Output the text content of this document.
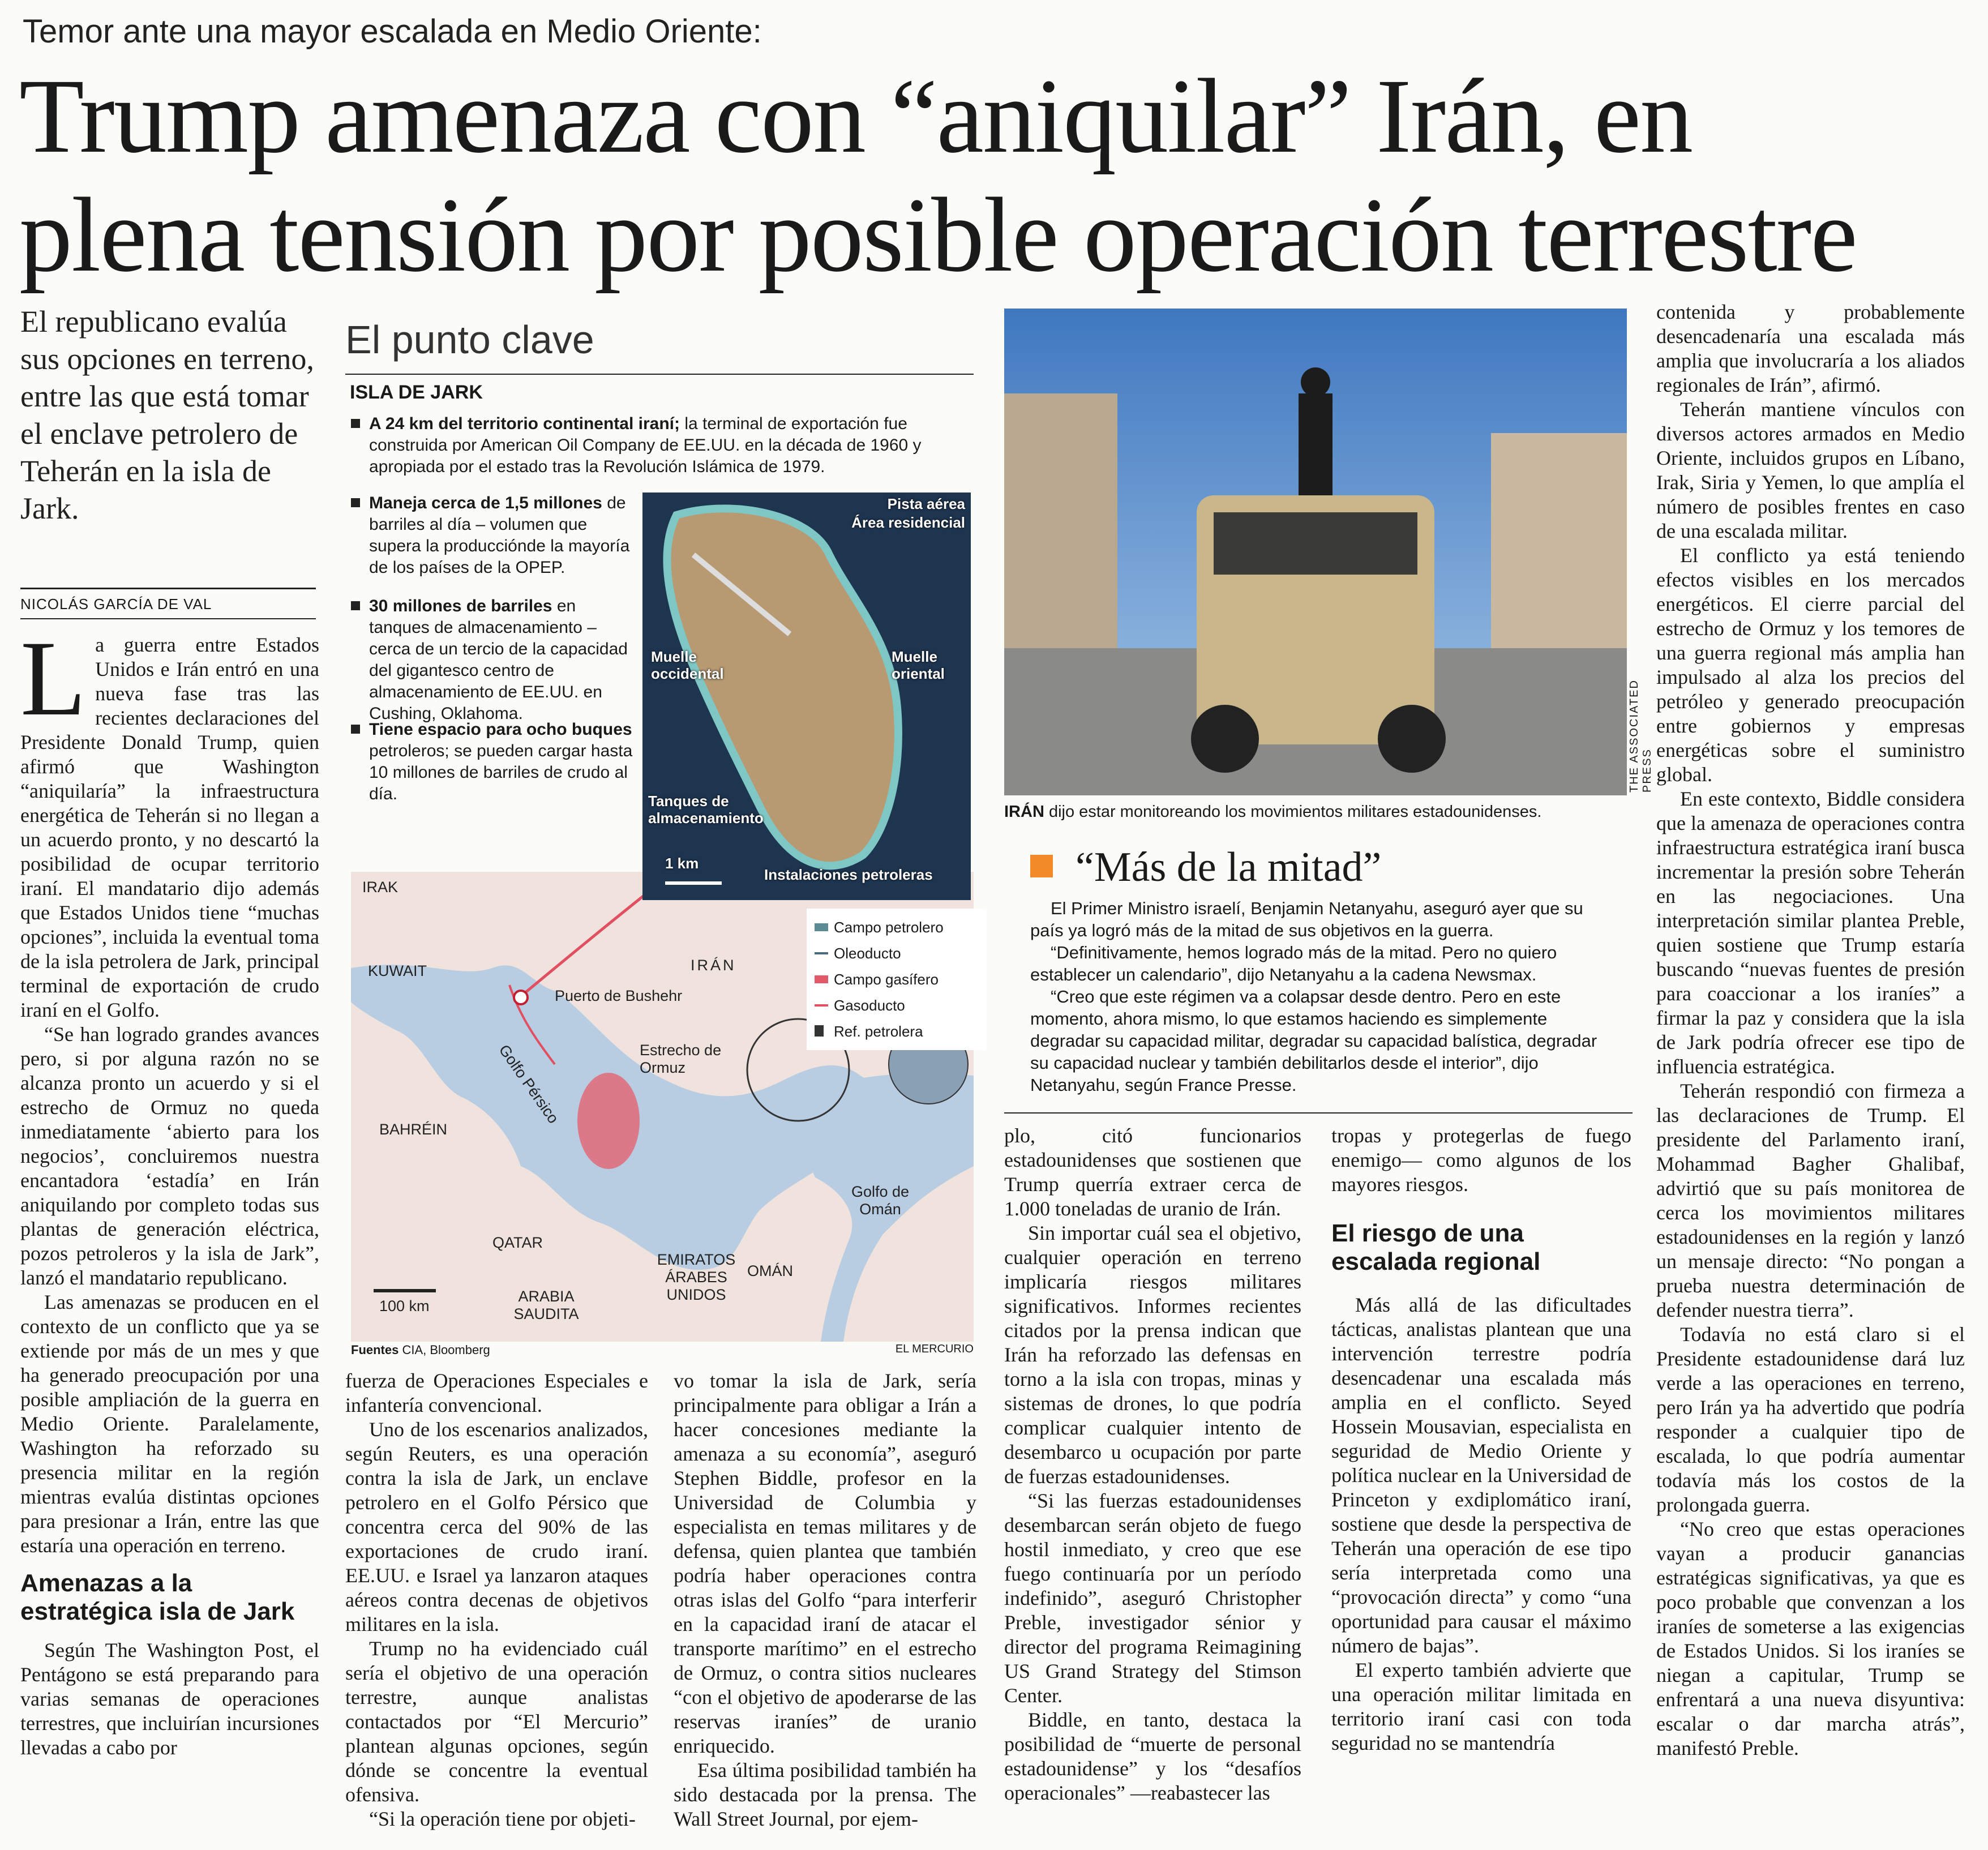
Temor ante una mayor escalada en Medio Oriente:
Trump amenaza con “aniquilar” Irán, en
plena tensión por posible operación terrestre
El republicano evalúa sus opciones en terreno, entre las que está tomar el enclave petrolero de Teherán en la isla de Jark.
NICOLÁS GARCÍA DE VAL

La guerra entre Estados Unidos e Irán entró en una nueva fase tras las recientes declaraciones del Presidente Donald Trump, quien afirmó que Washington “aniquilaría” la infraestructura energética de Teherán si no llegan a un acuerdo pronto, y no descartó la posibilidad de ocupar territorio iraní. El mandatario dijo además que Estados Unidos tiene “muchas opciones”, incluida la eventual toma de la isla petrolera de Jark, principal terminal de exportación de crudo iraní en el Golfo.

“Se han logrado grandes avances pero, si por alguna razón no se alcanza pronto un acuerdo y si el estrecho de Ormuz no queda inmediatamente ‘abierto para los negocios’, concluiremos nuestra encantadora ‘estadía’ en Irán aniquilando por completo todas sus plantas de generación eléctrica, pozos petroleros y la isla de Jark”, lanzó el mandatario republicano.

Las amenazas se producen en el contexto de un conflicto que ya se extiende por más de un mes y que ha generado preocupación por una posible ampliación de la guerra en Medio Oriente. Paralelamente, Washington ha reforzado su presencia militar en la región mientras evalúa distintas opciones para presionar a Irán, entre las que estaría una operación en terreno.

Amenazas a la estratégica isla de Jark

Según The Washington Post, el Pentágono se está preparando para varias semanas de operaciones terrestres, que incluirían incursiones llevadas a cabo por

El punto clave
ISLA DE JARK
A 24 km del territorio continental iraní; la terminal de exportación fue construida por American Oil Company de EE.UU. en la década de 1960 y apropiada por el estado tras la Revolución Islámica de 1979.
Maneja cerca de 1,5 millones de barriles al día – volumen que supera la produccióndе la mayoría de los países de la OPEP.
30 millones de barriles en tanques de almacenamiento – cerca de un tercio de la capacidad del gigantesco centro de almacenamiento de EE.UU. en Cushing, Oklahoma.
Tiene espacio para ocho buques petroleros; se pueden cargar hasta 10 millones de barriles de crudo al día.
IRAK
KUWAIT	IRÁN
Puerto de Bushehr
Golfo Pérsico	Estrecho de Ormuz
BAHRÉIN
QATAR
EMIRATOS ÁRABES UNIDOS
Golfo de Omán
OMÁN
ARABIA SAUDITA
100 km
Campo petrolero
Oleoducto
Campo gasífero
Gasoducto
Ref. petrolera
Pista aérea
Área residencial
Muelle occidental
Muelle oriental
Tanques de almacenamiento
Instalaciones petroleras
1 km
Fuentes CIA, Bloomberg	EL MERCURIO

fuerza de Operaciones Especiales e infantería convencional.

Uno de los escenarios analizados, según Reuters, es una operación contra la isla de Jark, un enclave petrolero en el Golfo Pérsico que concentra cerca del 90% de las exportaciones de crudo iraní. EE.UU. e Israel ya lanzaron ataques aéreos contra decenas de objetivos militares en la isla.

Trump no ha evidenciado cuál sería el objetivo de una operación terrestre, aunque analistas contactados por “El Mercurio” plantean algunas opciones, según dónde se concentre la eventual ofensiva.

“Si la operación tiene por objeti-

vo tomar la isla de Jark, sería principalmente para obligar a Irán a hacer concesiones mediante la amenaza a su economía”, aseguró Stephen Biddle, profesor en la Universidad de Columbia y especialista en temas militares y de defensa, quien plantea que también podría haber operaciones contra otras islas del Golfo “para interferir en la capacidad iraní de atacar el transporte marítimo” en el estrecho de Ormuz, o contra sitios nucleares “con el objetivo de apoderarse de las reservas iraníes” de uranio enriquecido.

Esa última posibilidad también ha sido destacada por la prensa. The Wall Street Journal, por ejem-

THE ASSOCIATED PRESS
IRÁN dijo estar monitoreando los movimientos militares estadounidenses.
“Más de la mitad”

El Primer Ministro israelí, Benjamin Netanyahu, aseguró ayer que su país ya logró más de la mitad de sus objetivos en la guerra.

“Definitivamente, hemos logrado más de la mitad. Pero no quiero establecer un calendario”, dijo Netanyahu a la cadena Newsmax.

“Creo que este régimen va a colapsar desde dentro. Pero en este momento, ahora mismo, lo que estamos haciendo es simplemente degradar su capacidad militar, degradar su capacidad balística, degradar su capacidad nuclear y también debilitarlos desde el interior”, dijo Netanyahu, según France Presse.

plo, citó funcionarios estadounidenses que sostienen que Trump querría extraer cerca de 1.000 toneladas de uranio de Irán.

Sin importar cuál sea el objetivo, cualquier operación en terreno implicaría riesgos militares significativos. Informes recientes citados por la prensa indican que Irán ha reforzado las defensas en torno a la isla con tropas, minas y sistemas de drones, lo que podría complicar cualquier intento de desembarco u ocupación por parte de fuerzas estadounidenses.

“Si las fuerzas estadounidenses desembarcan serán objeto de fuego hostil inmediato, y creo que ese fuego continuaría por un período indefinido”, aseguró Christopher Preble, investigador sénior y director del programa Reimagining US Grand Strategy del Stimson Center.

Biddle, en tanto, destaca la posibilidad de “muerte de personal estadounidense” y los “desafíos operacionales” —reabastecer las

tropas y protegerlas de fuego enemigo— como algunos de los mayores riesgos.

El riesgo de una escalada regional

Más allá de las dificultades tácticas, analistas plantean que una intervención terrestre podría desencadenar una escalada más amplia en el conflicto. Seyed Hossein Mousavian, especialista en seguridad de Medio Oriente y política nuclear en la Universidad de Princeton y exdiplomático iraní, sostiene que desde la perspectiva de Teherán una operación de ese tipo sería interpretada como una “provocación directa” y como “una oportunidad para causar el máximo número de bajas”.

El experto también advierte que una operación militar limitada en territorio iraní casi con toda seguridad no se mantendría

contenida y probablemente desencadenaría una escalada más amplia que involucraría a los aliados regionales de Irán”, afirmó.

Teherán mantiene vínculos con diversos actores armados en Medio Oriente, incluidos grupos en Líbano, Irak, Siria y Yemen, lo que amplía el número de posibles frentes en caso de una escalada militar.

El conflicto ya está teniendo efectos visibles en los mercados energéticos. El cierre parcial del estrecho de Ormuz y los temores de una guerra regional más amplia han impulsado al alza los precios del petróleo y generado preocupación entre gobiernos y empresas energéticas sobre el suministro global.

En este contexto, Biddle considera que la amenaza de operaciones contra infraestructura estratégica iraní busca incrementar la presión sobre Teherán en las negociaciones. Una interpretación similar plantea Preble, quien sostiene que Trump estaría buscando “nuevas fuentes de presión para coaccionar a los iraníes” a firmar la paz y considera que la isla de Jark podría ofrecer ese tipo de influencia estratégica.

Teherán respondió con firmeza a las declaraciones de Trump. El presidente del Parlamento iraní, Mohammad Bagher Ghalibaf, advirtió que su país monitorea de cerca los movimientos militares estadounidenses en la región y lanzó un mensaje directo: “No pongan a prueba nuestra determinación de defender nuestra tierra”.

Todavía no está claro si el Presidente estadounidense dará luz verde a las operaciones en terreno, pero Irán ya ha advertido que podría responder a cualquier tipo de escalada, lo que podría aumentar todavía más los costos de la prolongada guerra.

“No creo que estas operaciones vayan a producir ganancias estratégicas significativas, ya que es poco probable que convenzan a los iraníes de someterse a las exigencias de Estados Unidos. Si los iraníes se niegan a capitular, Trump se enfrentará a una nueva disyuntiva: escalar o dar marcha atrás”, manifestó Preble.
